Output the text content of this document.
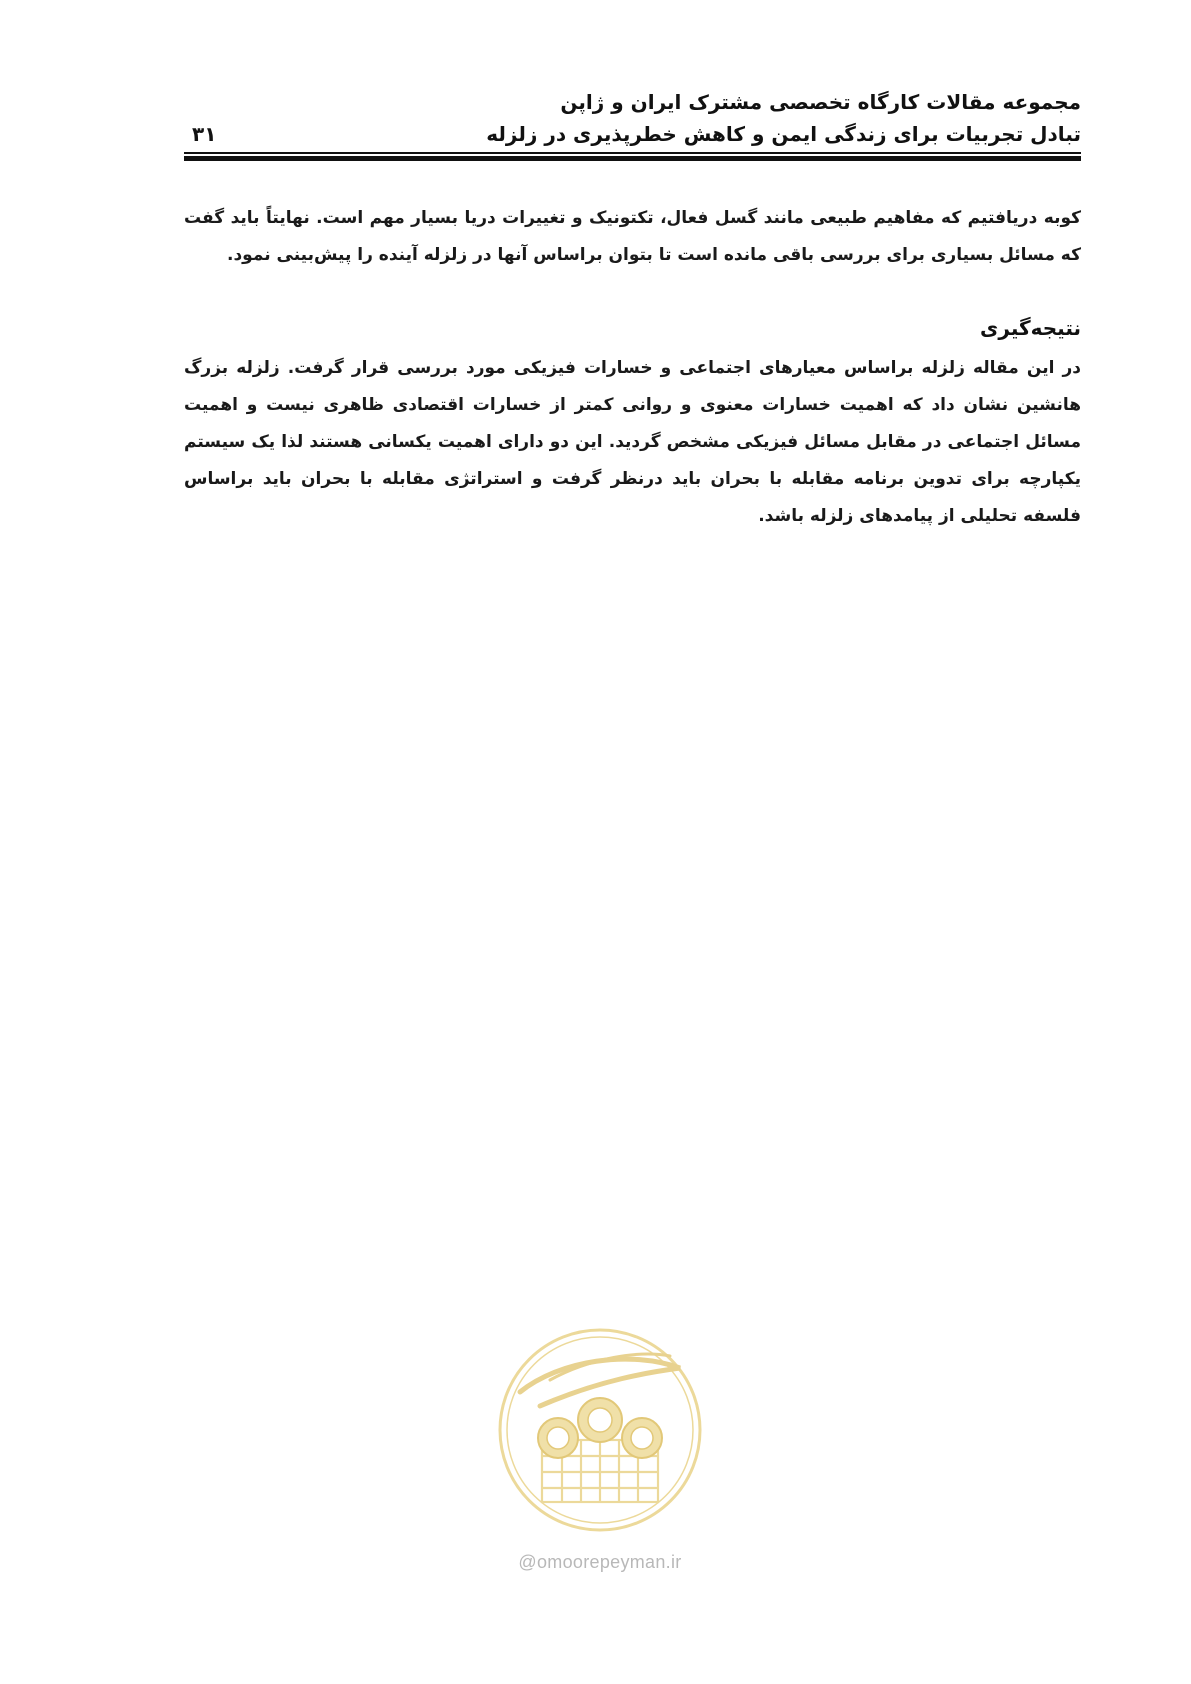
مجموعه مقالات کارگاه تخصصی مشترک ایران و ژاپن
تبادل تجربیات برای زندگی ایمن و کاهش خطرپذیری در زلزله
۳۱

کوبه دریافتیم که مفاهیم طبیعی مانند گسل فعال، تکتونیک و تغییرات دریا بسیار مهم است. نهایتاً باید گفت که مسائل بسیاری برای بررسی باقی مانده است تا بتوان براساس آنها در زلزله آینده را پیش‌بینی نمود.

نتیجه‌گیری

در این مقاله زلزله براساس معیارهای اجتماعی و خسارات فیزیکی مورد بررسی قرار گرفت. زلزله بزرگ هانشین نشان داد که اهمیت خسارات معنوی و روانی کمتر از خسارات اقتصادی ظاهری نیست و اهمیت مسائل اجتماعی در مقابل مسائل فیزیکی مشخص گردید. این دو دارای اهمیت یکسانی هستند لذا یک سیستم یکپارچه برای تدوین برنامه مقابله با بحران باید درنظر گرفت و استراتژی مقابله با بحران باید براساس فلسفه تحلیلی از پیامدهای زلزله باشد.

@omoorepeyman.ir
